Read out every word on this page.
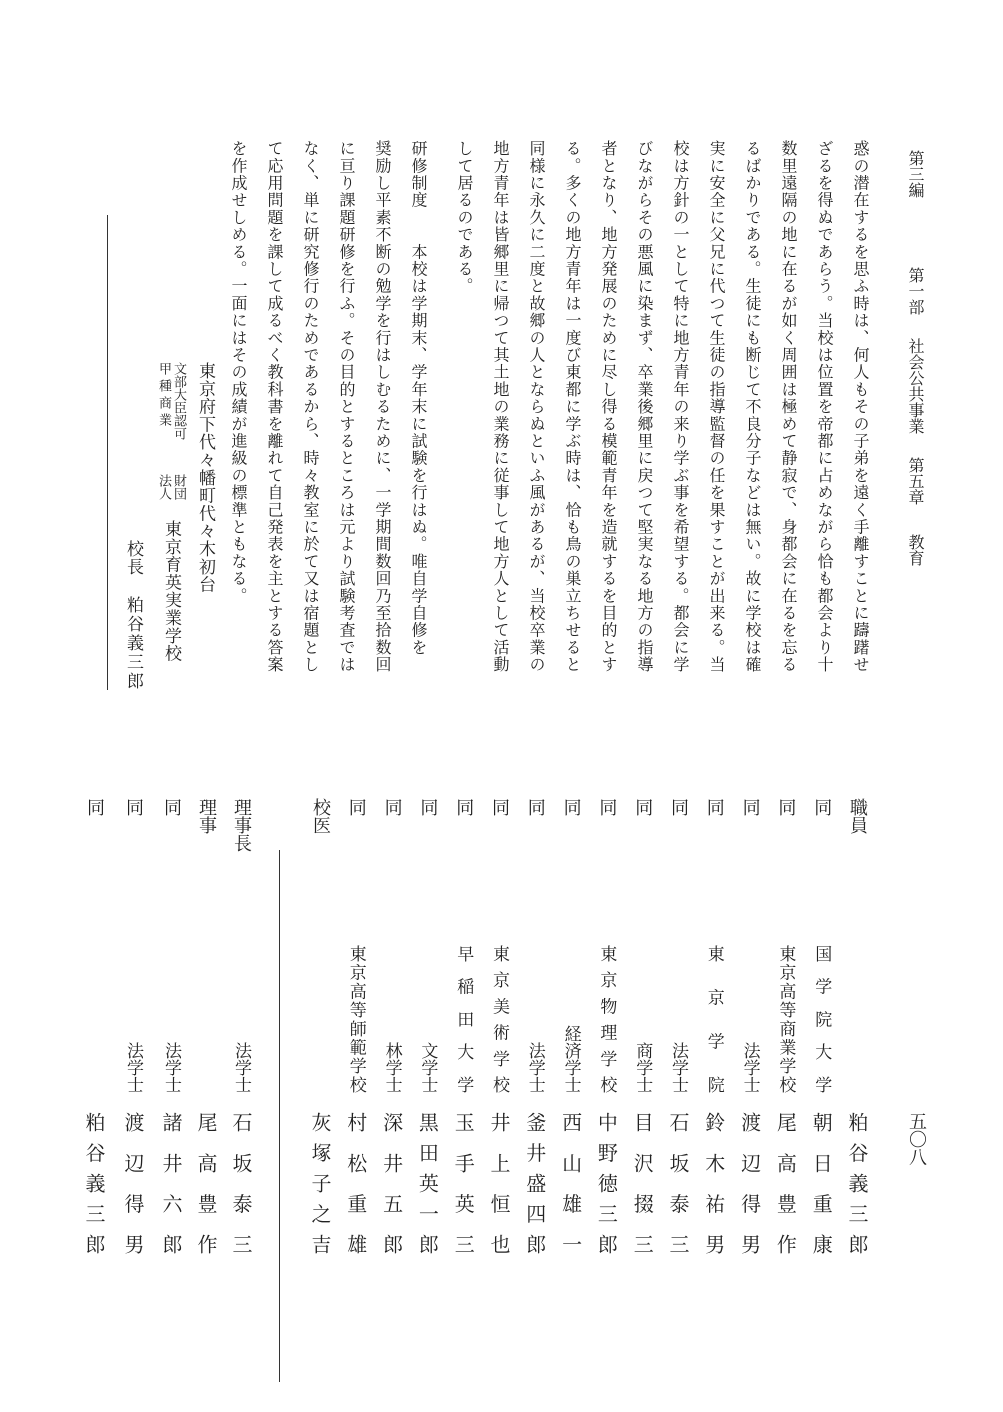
第三編 第一部 社会公共事業 第五章 教育
惑の潜在するを思ふ時は、何人もその子弟を遠く手離すことに躊躇せ
ざるを得ぬであらう。当校は位置を帝都に占めながら恰も都会より十
数里遠隔の地に在るが如く周囲は極めて静寂で、身都会に在るを忘る
るばかりである。生徒にも断じて不良分子などは無い。故に学校は確
実に安全に父兄に代つて生徒の指導監督の任を果すことが出来る。当
校は方針の一として特に地方青年の来り学ぶ事を希望する。都会に学
びながらその悪風に染まず、卒業後郷里に戻つて堅実なる地方の指導
者となり、地方発展のために尽し得る模範青年を造就するを目的とす
る。多くの地方青年は一度び東都に学ぶ時は、恰も鳥の巣立ちせると
同様に永久に二度と故郷の人とならぬといふ風があるが、当校卒業の
地方青年は皆郷里に帰つて其土地の業務に従事して地方人として活動
して居るのである。
研修制度　　本校は学期末、学年末に試験を行はぬ。唯自学自修を
奨励し平素不断の勉学を行はしむるために、一学期間数回乃至拾数回
に亘り課題研修を行ふ。その目的とするところは元より試験考査では
なく、単に研究修行のためであるから、時々教室に於て又は宿題とし
て応用問題を課して成るべく教科書を離れて自己発表を主とする答案
を作成せしめる。一面にはその成績が進級の標準ともなる。
東京府下代々幡町代々木初台
文部大臣認可
甲種商業
財団
法人
東京育英実業学校
校長
粕谷義三郎
五〇八
職員
粕谷義三郎
同
国学院大学
朝日重康
同
東京高等商業学校
尾高豊作
同
法学士
渡辺得男
同
東京学院
鈴木祐男
同
法学士
石坂泰三
同
商学士
目沢掇三
同
東京物理学校
中野徳三郎
同
経済学士
西山雄一
同
法学士
釜井盛四郎
同
東京美術学校
井上恒也
同
早稲田大学
玉手英三
同
文学士
黒田英一郎
同
林学士
深井五郎
同
東京高等師範学校
村松重雄
校医
灰塚子之吉
理事長
法学士
石坂泰三
理事
尾高豊作
同
法学士
諸井六郎
同
法学士
渡辺得男
同
粕谷義三郎
